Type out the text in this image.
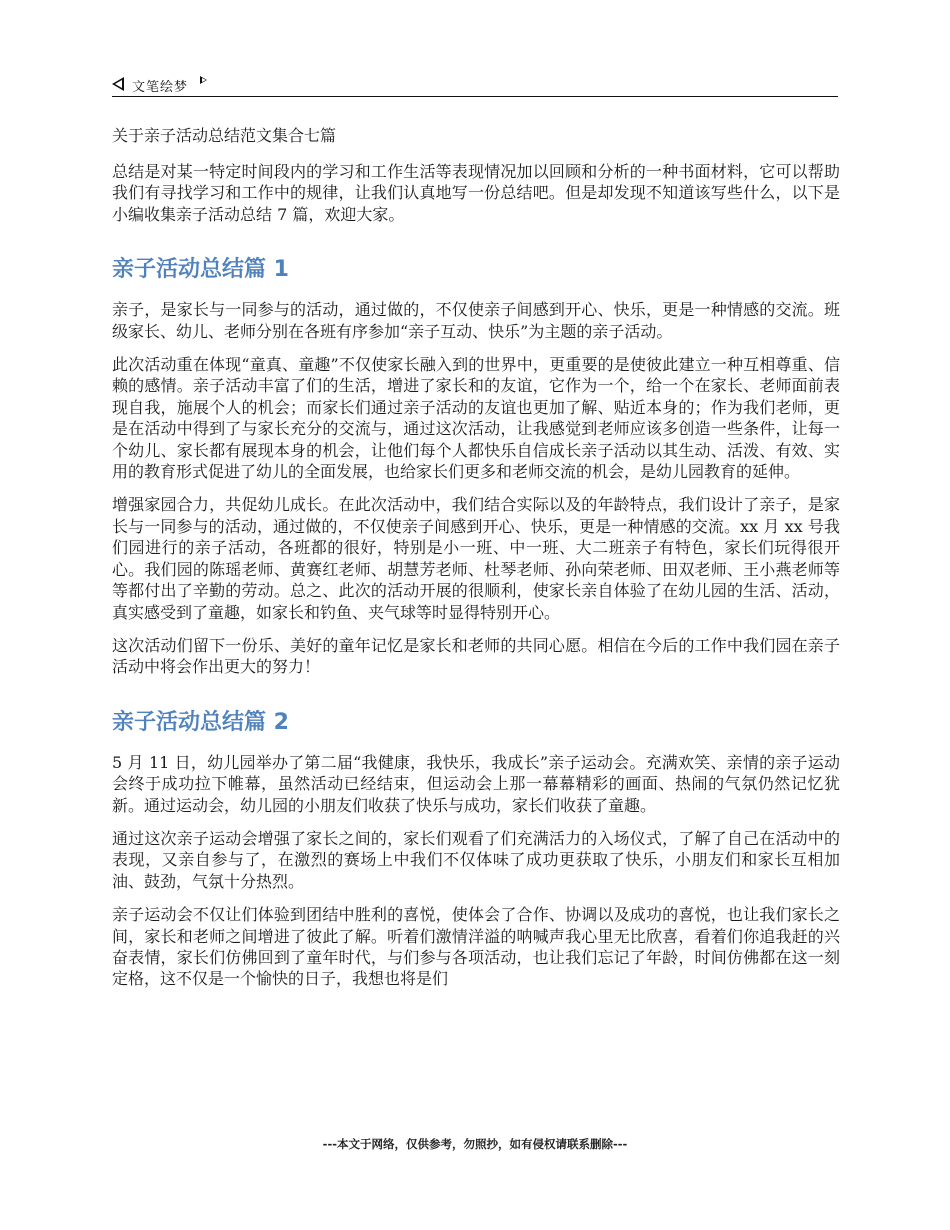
文笔绘梦
关于亲子活动总结范文集合七篇

总结是对某一特定时间段内的学习和工作生活等表现情况加以回顾和分析的一种书面材料，它可以帮助我们有寻找学习和工作中的规律，让我们认真地写一份总结吧。但是却发现不知道该写些什么，以下是小编收集亲子活动总结 7 篇，欢迎大家。

亲子活动总结篇 1

亲子，是家长与一同参与的活动，通过做的，不仅使亲子间感到开心、快乐，更是一种情感的交流。班级家长、幼儿、老师分别在各班有序参加“亲子互动、快乐”为主题的亲子活动。

此次活动重在体现“童真、童趣”不仅使家长融入到的世界中，更重要的是使彼此建立一种互相尊重、信赖的感情。亲子活动丰富了们的生活，增进了家长和的友谊，它作为一个，给一个在家长、老师面前表现自我，施展个人的机会；而家长们通过亲子活动的友谊也更加了解、贴近本身的；作为我们老师，更是在活动中得到了与家长充分的交流与，通过这次活动，让我感觉到老师应该多创造一些条件，让每一个幼儿、家长都有展现本身的机会，让他们每个人都快乐自信成长亲子活动以其生动、活泼、有效、实用的教育形式促进了幼儿的全面发展，也给家长们更多和老师交流的机会，是幼儿园教育的延伸。

增强家园合力，共促幼儿成长。在此次活动中，我们结合实际以及的年龄特点，我们设计了亲子，是家长与一同参与的活动，通过做的，不仅使亲子间感到开心、快乐，更是一种情感的交流。xx 月 xx 号我们园进行的亲子活动，各班都的很好，特别是小一班、中一班、大二班亲子有特色，家长们玩得很开心。我们园的陈瑶老师、黄赛红老师、胡慧芳老师、杜琴老师、孙向荣老师、田双老师、王小燕老师等等都付出了辛勤的劳动。总之、此次的活动开展的很顺利，使家长亲自体验了在幼儿园的生活、活动，真实感受到了童趣，如家长和钓鱼、夹气球等时显得特别开心。

这次活动们留下一份乐、美好的童年记忆是家长和老师的共同心愿。相信在今后的工作中我们园在亲子活动中将会作出更大的努力！

亲子活动总结篇 2

5 月 11 日，幼儿园举办了第二届“我健康，我快乐，我成长”亲子运动会。充满欢笑、亲情的亲子运动会终于成功拉下帷幕，虽然活动已经结束，但运动会上那一幕幕精彩的画面、热闹的气氛仍然记忆犹新。通过运动会，幼儿园的小朋友们收获了快乐与成功，家长们收获了童趣。

通过这次亲子运动会增强了家长之间的，家长们观看了们充满活力的入场仪式，了解了自己在活动中的表现，又亲自参与了，在激烈的赛场上中我们不仅体味了成功更获取了快乐，小朋友们和家长互相加油、鼓劲，气氛十分热烈。

亲子运动会不仅让们体验到团结中胜利的喜悦，使体会了合作、协调以及成功的喜悦，也让我们家长之间，家长和老师之间增进了彼此了解。听着们激情洋溢的呐喊声我心里无比欣喜，看着们你追我赶的兴奋表情，家长们仿佛回到了童年时代，与们参与各项活动，也让我们忘记了年龄，时间仿佛都在这一刻定格，这不仅是一个愉快的日子，我想也将是们

---本文于网络，仅供参考，勿照抄，如有侵权请联系删除---
